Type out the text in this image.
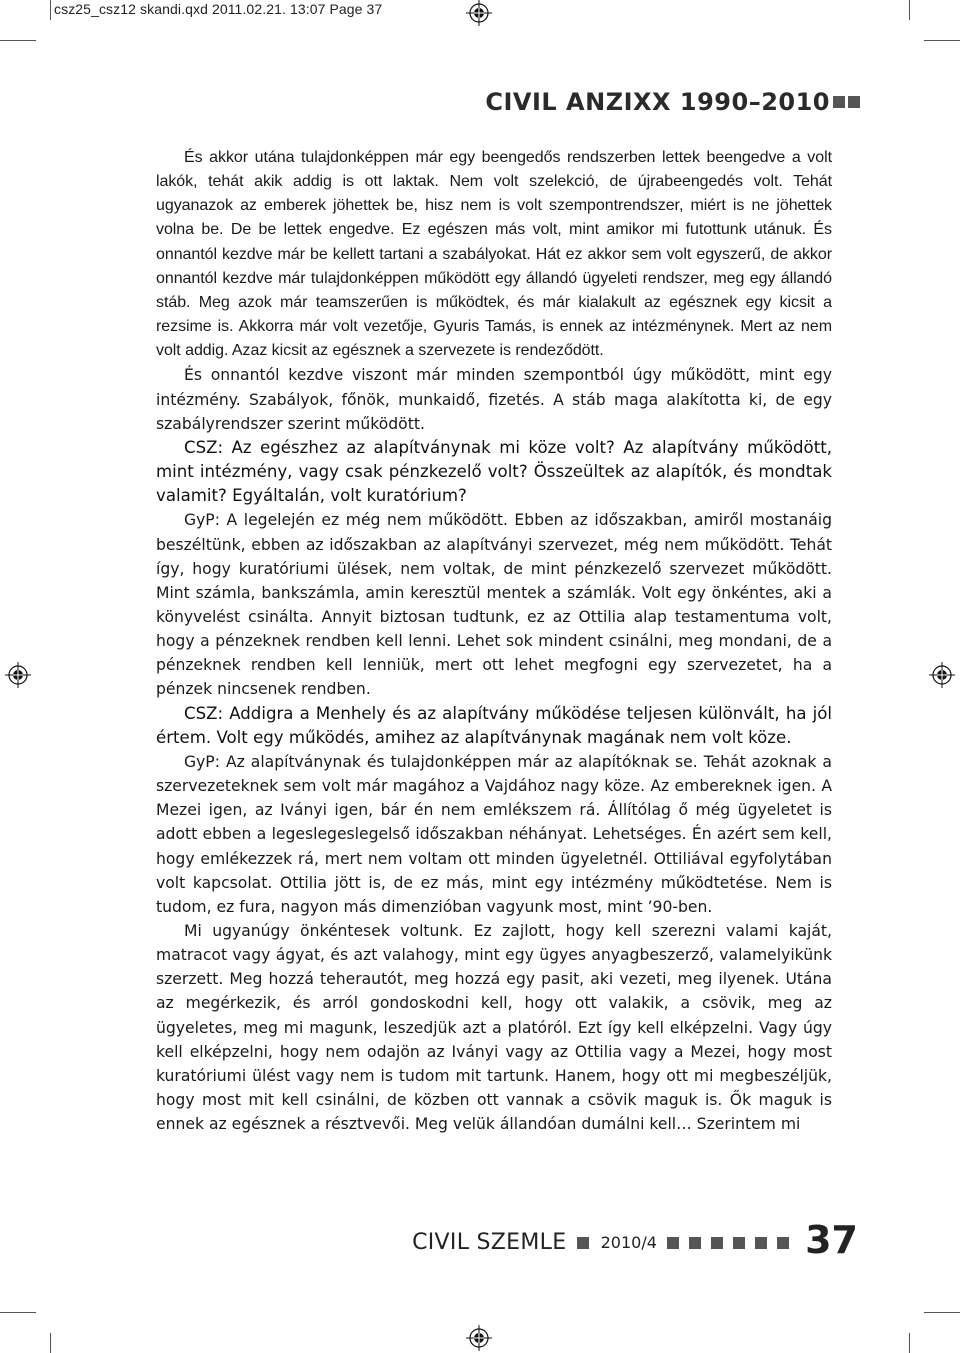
csz25_csz12 skandi.qxd 2011.02.21. 13:07 Page 37
CIVIL ANZIXX 1990–2010

És akkor utána tulajdonképpen már egy beengedős rendszerben lettek beengedve a volt lakók, tehát akik addig is ott laktak. Nem volt szelekció, de újrabeengedés volt. Tehát ugyanazok az emberek jöhettek be, hisz nem is volt szempontrendszer, miért is ne jöhettek volna be. De be lettek engedve. Ez egészen más volt, mint amikor mi futottunk utánuk. És onnantól kezdve már be kellett tartani a szabályokat. Hát ez akkor sem volt egyszerű, de akkor onnantól kezdve már tulajdonképpen működött egy állandó ügyeleti rendszer, meg egy állandó stáb. Meg azok már teamszerűen is működtek, és már kialakult az egésznek egy kicsit a rezsime is. Akkorra már volt vezetője, Gyuris Tamás, is ennek az intézménynek. Mert az nem volt addig. Azaz kicsit az egésznek a szervezete is rendeződött.

És onnantól kezdve viszont már minden szempontból úgy működött, mint egy intézmény. Szabályok, főnök, munkaidő, fizetés. A stáb maga alakította ki, de egy szabályrendszer szerint működött.

CSZ: Az egészhez az alapítványnak mi köze volt? Az alapítvány működött, mint intézmény, vagy csak pénzkezelő volt? Összeültek az alapítók, és mondtak valamit? Egyáltalán, volt kuratórium?

GyP: A legelején ez még nem működött. Ebben az időszakban, amiről mostanáig beszéltünk, ebben az időszakban az alapítványi szervezet, még nem működött. Tehát így, hogy kuratóriumi ülések, nem voltak, de mint pénzkezelő szervezet működött. Mint számla, bankszámla, amin keresztül mentek a számlák. Volt egy önkéntes, aki a könyvelést csinálta. Annyit biztosan tudtunk, ez az Ottilia alap testamentuma volt, hogy a pénzeknek rendben kell lenni. Lehet sok mindent csinálni, meg mondani, de a pénzeknek rendben kell lenniük, mert ott lehet megfogni egy szervezetet, ha a pénzek nincsenek rendben.

CSZ: Addigra a Menhely és az alapítvány működése teljesen különvált, ha jól értem. Volt egy működés, amihez az alapítványnak magának nem volt köze.

GyP: Az alapítványnak és tulajdonképpen már az alapítóknak se. Tehát azoknak a szervezeteknek sem volt már magához a Vajdához nagy köze. Az embereknek igen. A Mezei igen, az Iványi igen, bár én nem emlékszem rá. Állítólag ő még ügyeletet is adott ebben a legeslegeslegelső időszakban néhányat. Lehetséges. Én azért sem kell, hogy emlékezzek rá, mert nem voltam ott minden ügyeletnél. Ottiliával egyfolytában volt kapcsolat. Ottilia jött is, de ez más, mint egy intézmény működtetése. Nem is tudom, ez fura, nagyon más dimenzióban vagyunk most, mint ’90-ben.

Mi ugyanúgy önkéntesek voltunk. Ez zajlott, hogy kell szerezni valami kaját, matracot vagy ágyat, és azt valahogy, mint egy ügyes anyagbeszerző, valamelyikünk szerzett. Meg hozzá teherautót, meg hozzá egy pasit, aki vezeti, meg ilyenek. Utána az megérkezik, és arról gondoskodni kell, hogy ott valakik, a csövik, meg az ügyeletes, meg mi magunk, leszedjük azt a platóról. Ezt így kell elképzelni. Vagy úgy kell elképzelni, hogy nem odajön az Iványi vagy az Ottilia vagy a Mezei, hogy most kuratóriumi ülést vagy nem is tudom mit tartunk. Hanem, hogy ott mi megbeszéljük, hogy most mit kell csinálni, de közben ott vannak a csövik maguk is. Ők maguk is ennek az egésznek a résztvevői. Meg velük állandóan dumálni kell… Szerintem mi

CIVIL SZEMLE 2010/4	37
